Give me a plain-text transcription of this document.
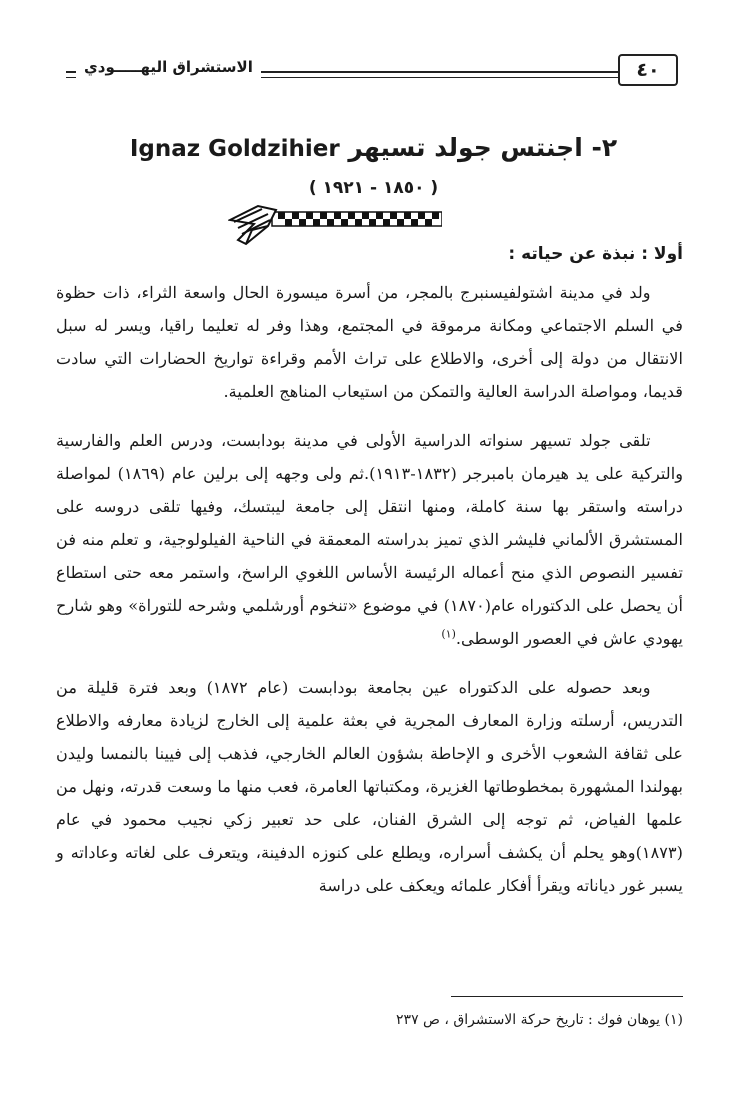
٤٠
الاستشراق اليهـــــودي
٢- اجنتس جولد تسيهر Ignaz Goldzihier
( ١٨٥٠ - ١٩٢١ )
أولا : نبذة عن حياته :

ولد في مدينة اشتولفيسنبرج بالمجر، من أسرة ميسورة الحال واسعة الثراء، ذات حظوة في السلم الاجتماعي ومكانة مرموقة في المجتمع، وهذا وفر له تعليما راقيا، ويسر له سبل الانتقال من دولة إلى أخرى، والاطلاع على تراث الأمم وقراءة تواريخ الحضارات التي سادت قديما، ومواصلة الدراسة العالية والتمكن من استيعاب المناهج العلمية.

تلقى جولد تسيهر سنواته الدراسية الأولى في مدينة بودابست، ودرس العلم والفارسية والتركية على يد هيرمان بامبرجر (١٨٣٢-١٩١٣).ثم ولى وجهه إلى برلين عام (١٨٦٩) لمواصلة دراسته واستقر بها سنة كاملة، ومنها انتقل إلى جامعة ليبتسك، وفيها تلقى دروسه على المستشرق الألماني فليشر الذي تميز بدراسته المعمقة في الناحية الفيلولوجية، و تعلم منه فن تفسير النصوص الذي منح أعماله الرئيسة الأساس اللغوي الراسخ، واستمر معه حتى استطاع أن يحصل على الدكتوراه عام(١٨٧٠) في موضوع «تنخوم أورشلمي وشرحه للتوراة» وهو شارح يهودي عاش في العصور الوسطى.$^{(١)}$

وبعد حصوله على الدكتوراه عين بجامعة بودابست (عام ١٨٧٢) وبعد فترة قليلة من التدريس، أرسلته وزارة المعارف المجرية في بعثة علمية إلى الخارج لزيادة معارفه والاطلاع على ثقافة الشعوب الأخرى و الإحاطة بشؤون العالم الخارجي، فذهب إلى فيينا بالنمسا وليدن بهولندا المشهورة بمخطوطاتها الغزيرة، ومكتباتها العامرة، فعب منها ما وسعت قدرته، ونهل من علمها الفياض، ثم توجه إلى الشرق الفنان، على حد تعبير زكي نجيب محمود في عام (١٨٧٣)وهو يحلم أن يكشف أسراره، ويطلع على كنوزه الدفينة، ويتعرف على لغاته وعاداته و يسبر غور دياناته ويقرأ أفكار علمائه ويعكف على دراسة

(١) يوهان فوك : تاريخ حركة الاستشراق ، ص ٢٣٧
